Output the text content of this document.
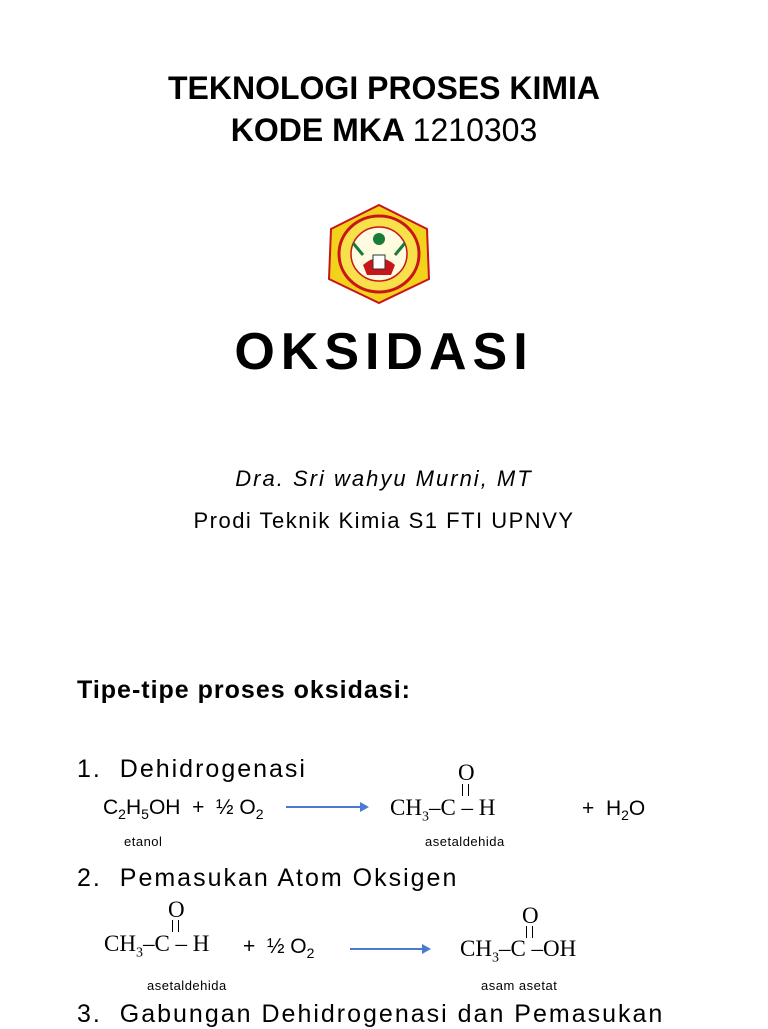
TEKNOLOGI PROSES KIMIA
KODE MKA 1210303
OKSIDASI
Dra. Sri wahyu Murni, MT
Prodi Teknik Kimia S1 FTI UPNVY
Tipe-tipe proses oksidasi:
1. Dehidrogenasi
$C_2H_5OH$ + ½ $O_2$
O
$CH_3-C$ – H	+ $H_2O$
etanol	asetaldehida
2. Pemasukan Atom Oksigen
O
$CH_3-C$ – H + ½ $O_2$
O
$CH_3-C$ –OH
asetaldehida	asam asetat
3. Gabungan Dehidrogenasi dan Pemasukan
